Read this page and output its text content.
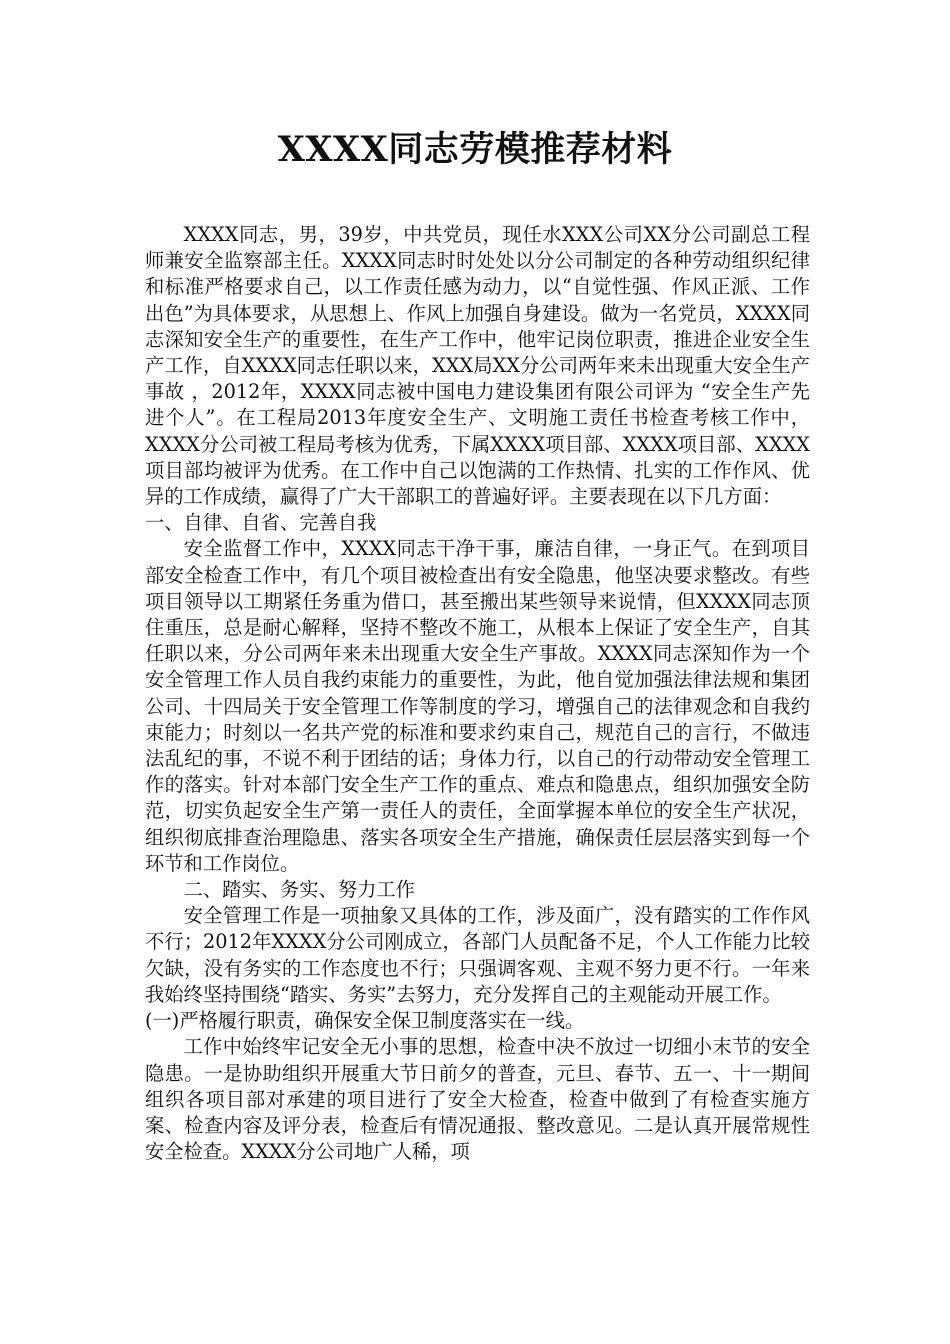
XXXX同志劳模推荐材料

XXXX同志，男，39岁，中共党员，现任水XXX公司XX分公司副总工程师兼安全监察部主任。XXXX同志时时处处以分公司制定的各种劳动组织纪律和标准严格要求自己，以工作责任感为动力，以“自觉性强、作风正派、工作出色”为具体要求，从思想上、作风上加强自身建设。做为一名党员，XXXX同志深知安全生产的重要性，在生产工作中，他牢记岗位职责，推进企业安全生产工作，自XXXX同志任职以来，XXX局XX分公司两年来未出现重大安全生产事故 ，2012年，XXXX同志被中国电力建设集团有限公司评为 “安全生产先进个人”。在工程局2013年度安全生产、文明施工责任书检查考核工作中，XXXX分公司被工程局考核为优秀，下属XXXX项目部、XXXX项目部、XXXX项目部均被评为优秀。在工作中自己以饱满的工作热情、扎实的工作作风、优异的工作成绩，赢得了广大干部职工的普遍好评。主要表现在以下几方面：

一、自律、自省、完善自我

安全监督工作中，XXXX同志干净干事，廉洁自律，一身正气。在到项目部安全检查工作中，有几个项目被检查出有安全隐患，他坚决要求整改。有些项目领导以工期紧任务重为借口，甚至搬出某些领导来说情，但XXXX同志顶住重压，总是耐心解释，坚持不整改不施工，从根本上保证了安全生产，自其任职以来，分公司两年来未出现重大安全生产事故。XXXX同志深知作为一个安全管理工作人员自我约束能力的重要性，为此，他自觉加强法律法规和集团公司、十四局关于安全管理工作等制度的学习，增强自己的法律观念和自我约束能力；时刻以一名共产党的标准和要求约束自己，规范自己的言行，不做违法乱纪的事，不说不利于团结的话；身体力行，以自己的行动带动安全管理工作的落实。针对本部门安全生产工作的重点、难点和隐患点，组织加强安全防范，切实负起安全生产第一责任人的责任，全面掌握本单位的安全生产状况，组织彻底排查治理隐患、落实各项安全生产措施，确保责任层层落实到每一个环节和工作岗位。

二、踏实、务实、努力工作

安全管理工作是一项抽象又具体的工作，涉及面广，没有踏实的工作作风不行；2012年XXXX分公司刚成立，各部门人员配备不足，个人工作能力比较欠缺，没有务实的工作态度也不行；只强调客观、主观不努力更不行。一年来我始终坚持围绕“踏实、务实”去努力，充分发挥自己的主观能动开展工作。

(一)严格履行职责，确保安全保卫制度落实在一线。

工作中始终牢记安全无小事的思想，检查中决不放过一切细小末节的安全隐患。一是协助组织开展重大节日前夕的普查，元旦、春节、五一、十一期间组织各项目部对承建的项目进行了安全大检查，检查中做到了有检查实施方案、检查内容及评分表，检查后有情况通报、整改意见。二是认真开展常规性安全检查。XXXX分公司地广人稀，项
